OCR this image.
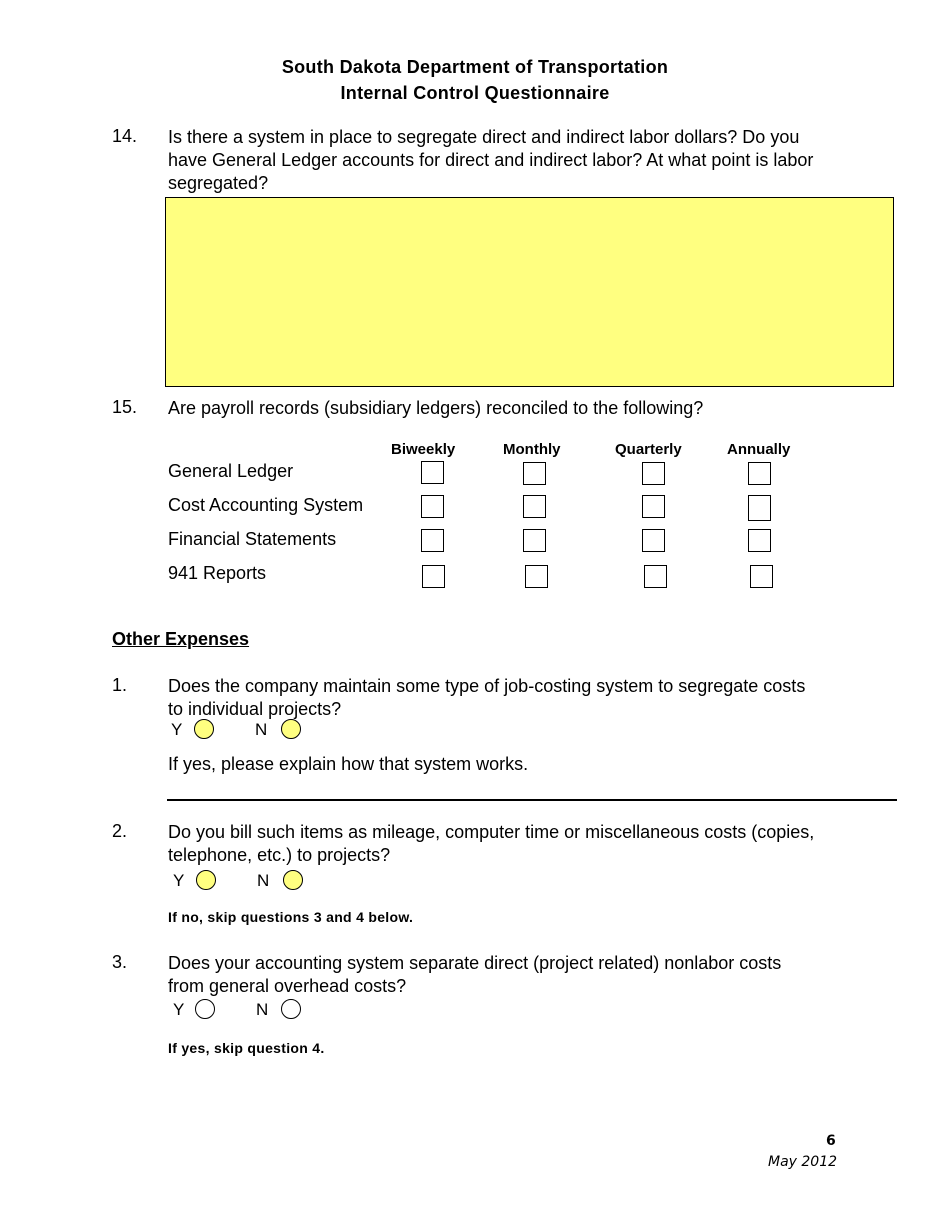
South Dakota Department of Transportation
Internal Control Questionnaire
14. Is there a system in place to segregate direct and indirect labor dollars? Do you
have General Ledger accounts for direct and indirect labor? At what point is labor
segregated?
15. Are payroll records (subsidiary ledgers) reconciled to the following?
Biweekly	Monthly	Quarterly	Annually
General Ledger
Cost Accounting System
Financial Statements
941 Reports
Other Expenses
1. Does the company maintain some type of job-costing system to segregate costs
to individual projects?
Y	N
If yes, please explain how that system works.
2. Do you bill such items as mileage, computer time or miscellaneous costs (copies,
telephone, etc.) to projects?
Y	N
If no, skip questions 3 and 4 below.
3. Does your accounting system separate direct (project related) nonlabor costs
from general overhead costs?
Y	N
If yes, skip question 4.
6
May 2012
